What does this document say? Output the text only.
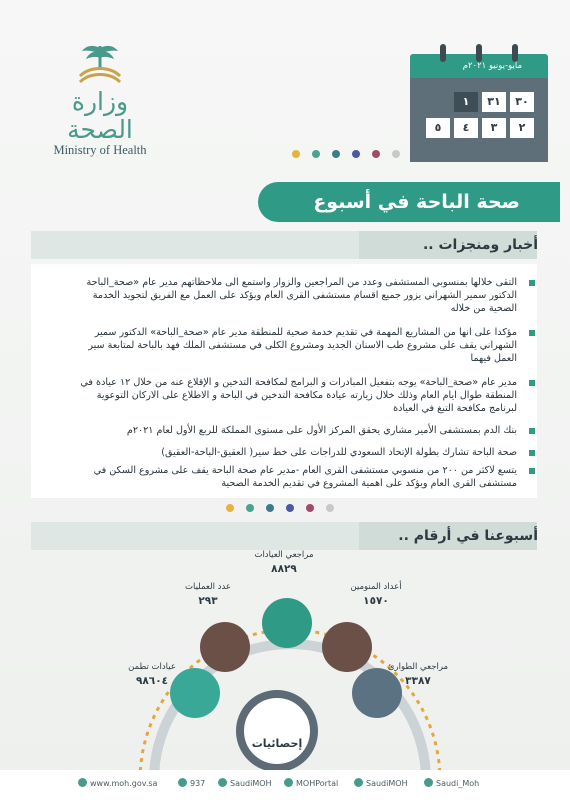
وزارة الصحة
Ministry of Health
مايو-يونيو ٢٠٢١م
١	٣١	٣٠
٥	٤	٣	٢
صحة الباحة في أسبوع
أخبار ومنجزات ..
التقى خلالها بمنسوبي المستشفى وعدد من المراجعين والزوار واستمع الى ملاحظاتهم مدير عام «صحة_الباحة الدكتور سمير الشهراني يزور جميع اقسام مستشفى القرى العام ويؤكد على العمل مع الفريق لتجويد الخدمة الصحية من خلاله
مؤكدا على انها من المشاريع المهمة في تقديم خدمة صحية للمنطقة مدير عام «صحة_الباحة» الدكتور سمير الشهراني يقف على مشروع طب الاسنان الجديد ومشروع الكلى في مستشفى الملك فهد بالباحة لمتابعة سير العمل فيهما
مدير عام «صحة_الباحة» يوجه بتفعيل المبادرات و البرامج لمكافحة التدخين و الإقلاع عنه من خلال ١٢ عيادة في المنطقة طوال ايام العام وذلك خلال زيارته عيادة مكافحة التدخين في الباحة و الاطلاع على الاركان التوعوية لبرنامج مكافحة التبغ في العيادة
بنك الدم بمستشفى الأمير مشاري يحقق المركز الأول على مستوى المملكة للربع الأول لعام ٢٠٢١م
صحة الباحة تشارك بطولة الإتحاد السعودي للدراجات على خط سير( العقيق-الباحة-العقيق)
يتسع لاكثر من ٢٠٠ من منسوبي مستشفى القرى العام -مدير عام صحة الباحة يقف على مشروع السكن في مستشفى القرى العام ويؤكد على اهمية المشروع في تقديم الخدمة الصحية
أسبوعنا في أرقام ..
مراجعي العيادات
٨٨٢٩
عدد العمليات
٢٩٣
أعداد المنومين
١٥٧٠
عيادات تطمن
٩٨٦٠٤
مراجعي الطوارئ
٣٣٨٧
إحصائيات
www.moh.gov.sa	937	SaudiMOH	MOHPortal	SaudiMOH	Saudi_Moh
